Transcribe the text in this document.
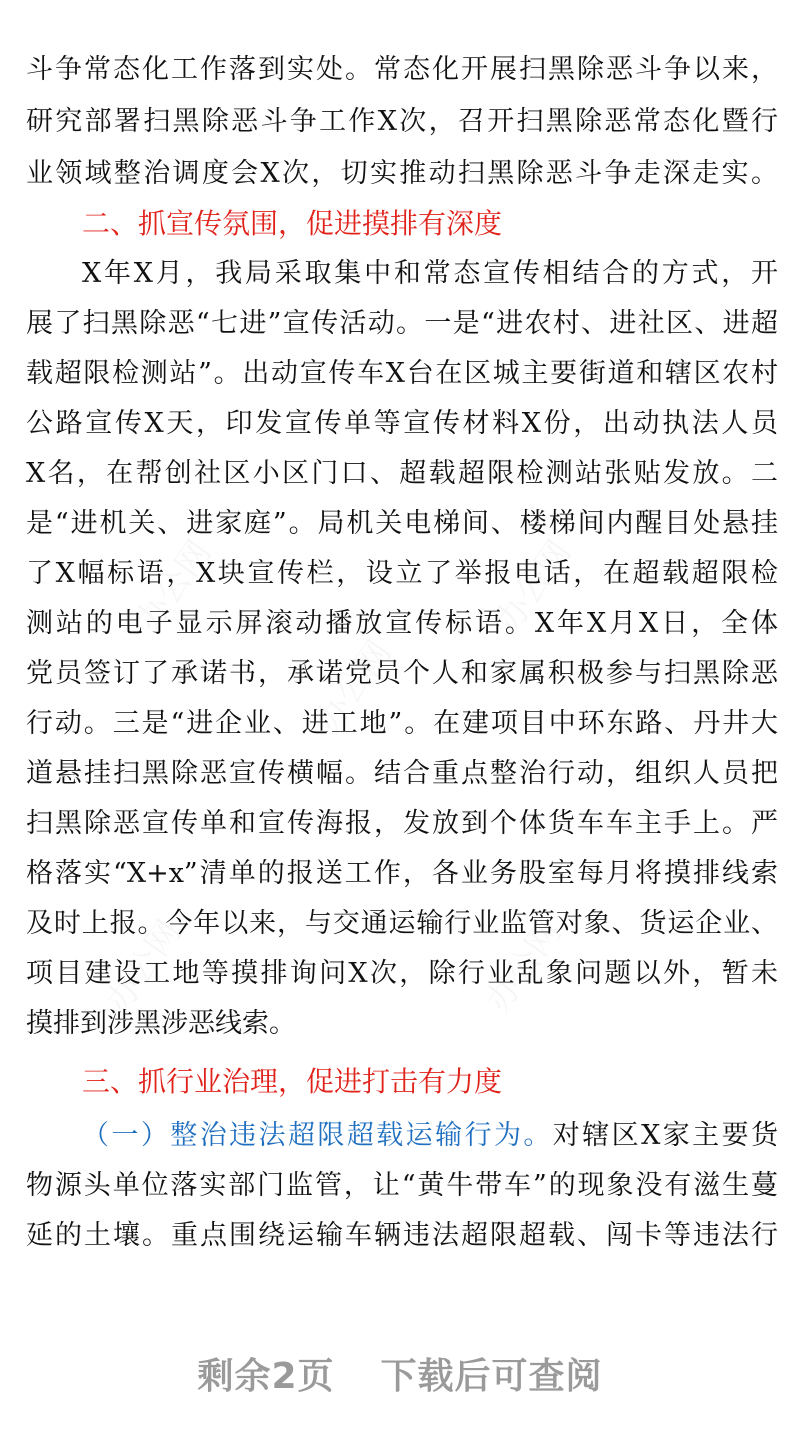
斗争常态化工作落到实处。常态化开展扫黑除恶斗争以来，
研究部署扫黑除恶斗争工作X次，召开扫黑除恶常态化暨行
业领域整治调度会X次，切实推动扫黑除恶斗争走深走实。
二、抓宣传氛围，促进摸排有深度
X年X月，我局采取集中和常态宣传相结合的方式，开
展了扫黑除恶“七进”宣传活动。一是“进农村、进社区、进超
载超限检测站”。出动宣传车X台在区城主要街道和辖区农村
公路宣传X天，印发宣传单等宣传材料X份，出动执法人员
X名，在帮创社区小区门口、超载超限检测站张贴发放。二
是“进机关、进家庭”。局机关电梯间、楼梯间内醒目处悬挂
了X幅标语，X块宣传栏，设立了举报电话，在超载超限检
测站的电子显示屏滚动播放宣传标语。X年X月X日，全体
党员签订了承诺书，承诺党员个人和家属积极参与扫黑除恶
行动。三是“进企业、进工地”。在建项目中环东路、丹井大
道悬挂扫黑除恶宣传横幅。结合重点整治行动，组织人员把
扫黑除恶宣传单和宣传海报，发放到个体货车车主手上。严
格落实“X+x”清单的报送工作，各业务股室每月将摸排线索
及时上报。今年以来，与交通运输行业监管对象、货运企业、
项目建设工地等摸排询问X次，除行业乱象问题以外，暂未
摸排到涉黑涉恶线索。
三、抓行业治理，促进打击有力度
（一）整治违法超限超载运输行为。对辖区X家主要货
物源头单位落实部门监管，让“黄牛带车”的现象没有滋生蔓
延的土壤。重点围绕运输车辆违法超限超载、闯卡等违法行
剩余2页 下载后可查阅
